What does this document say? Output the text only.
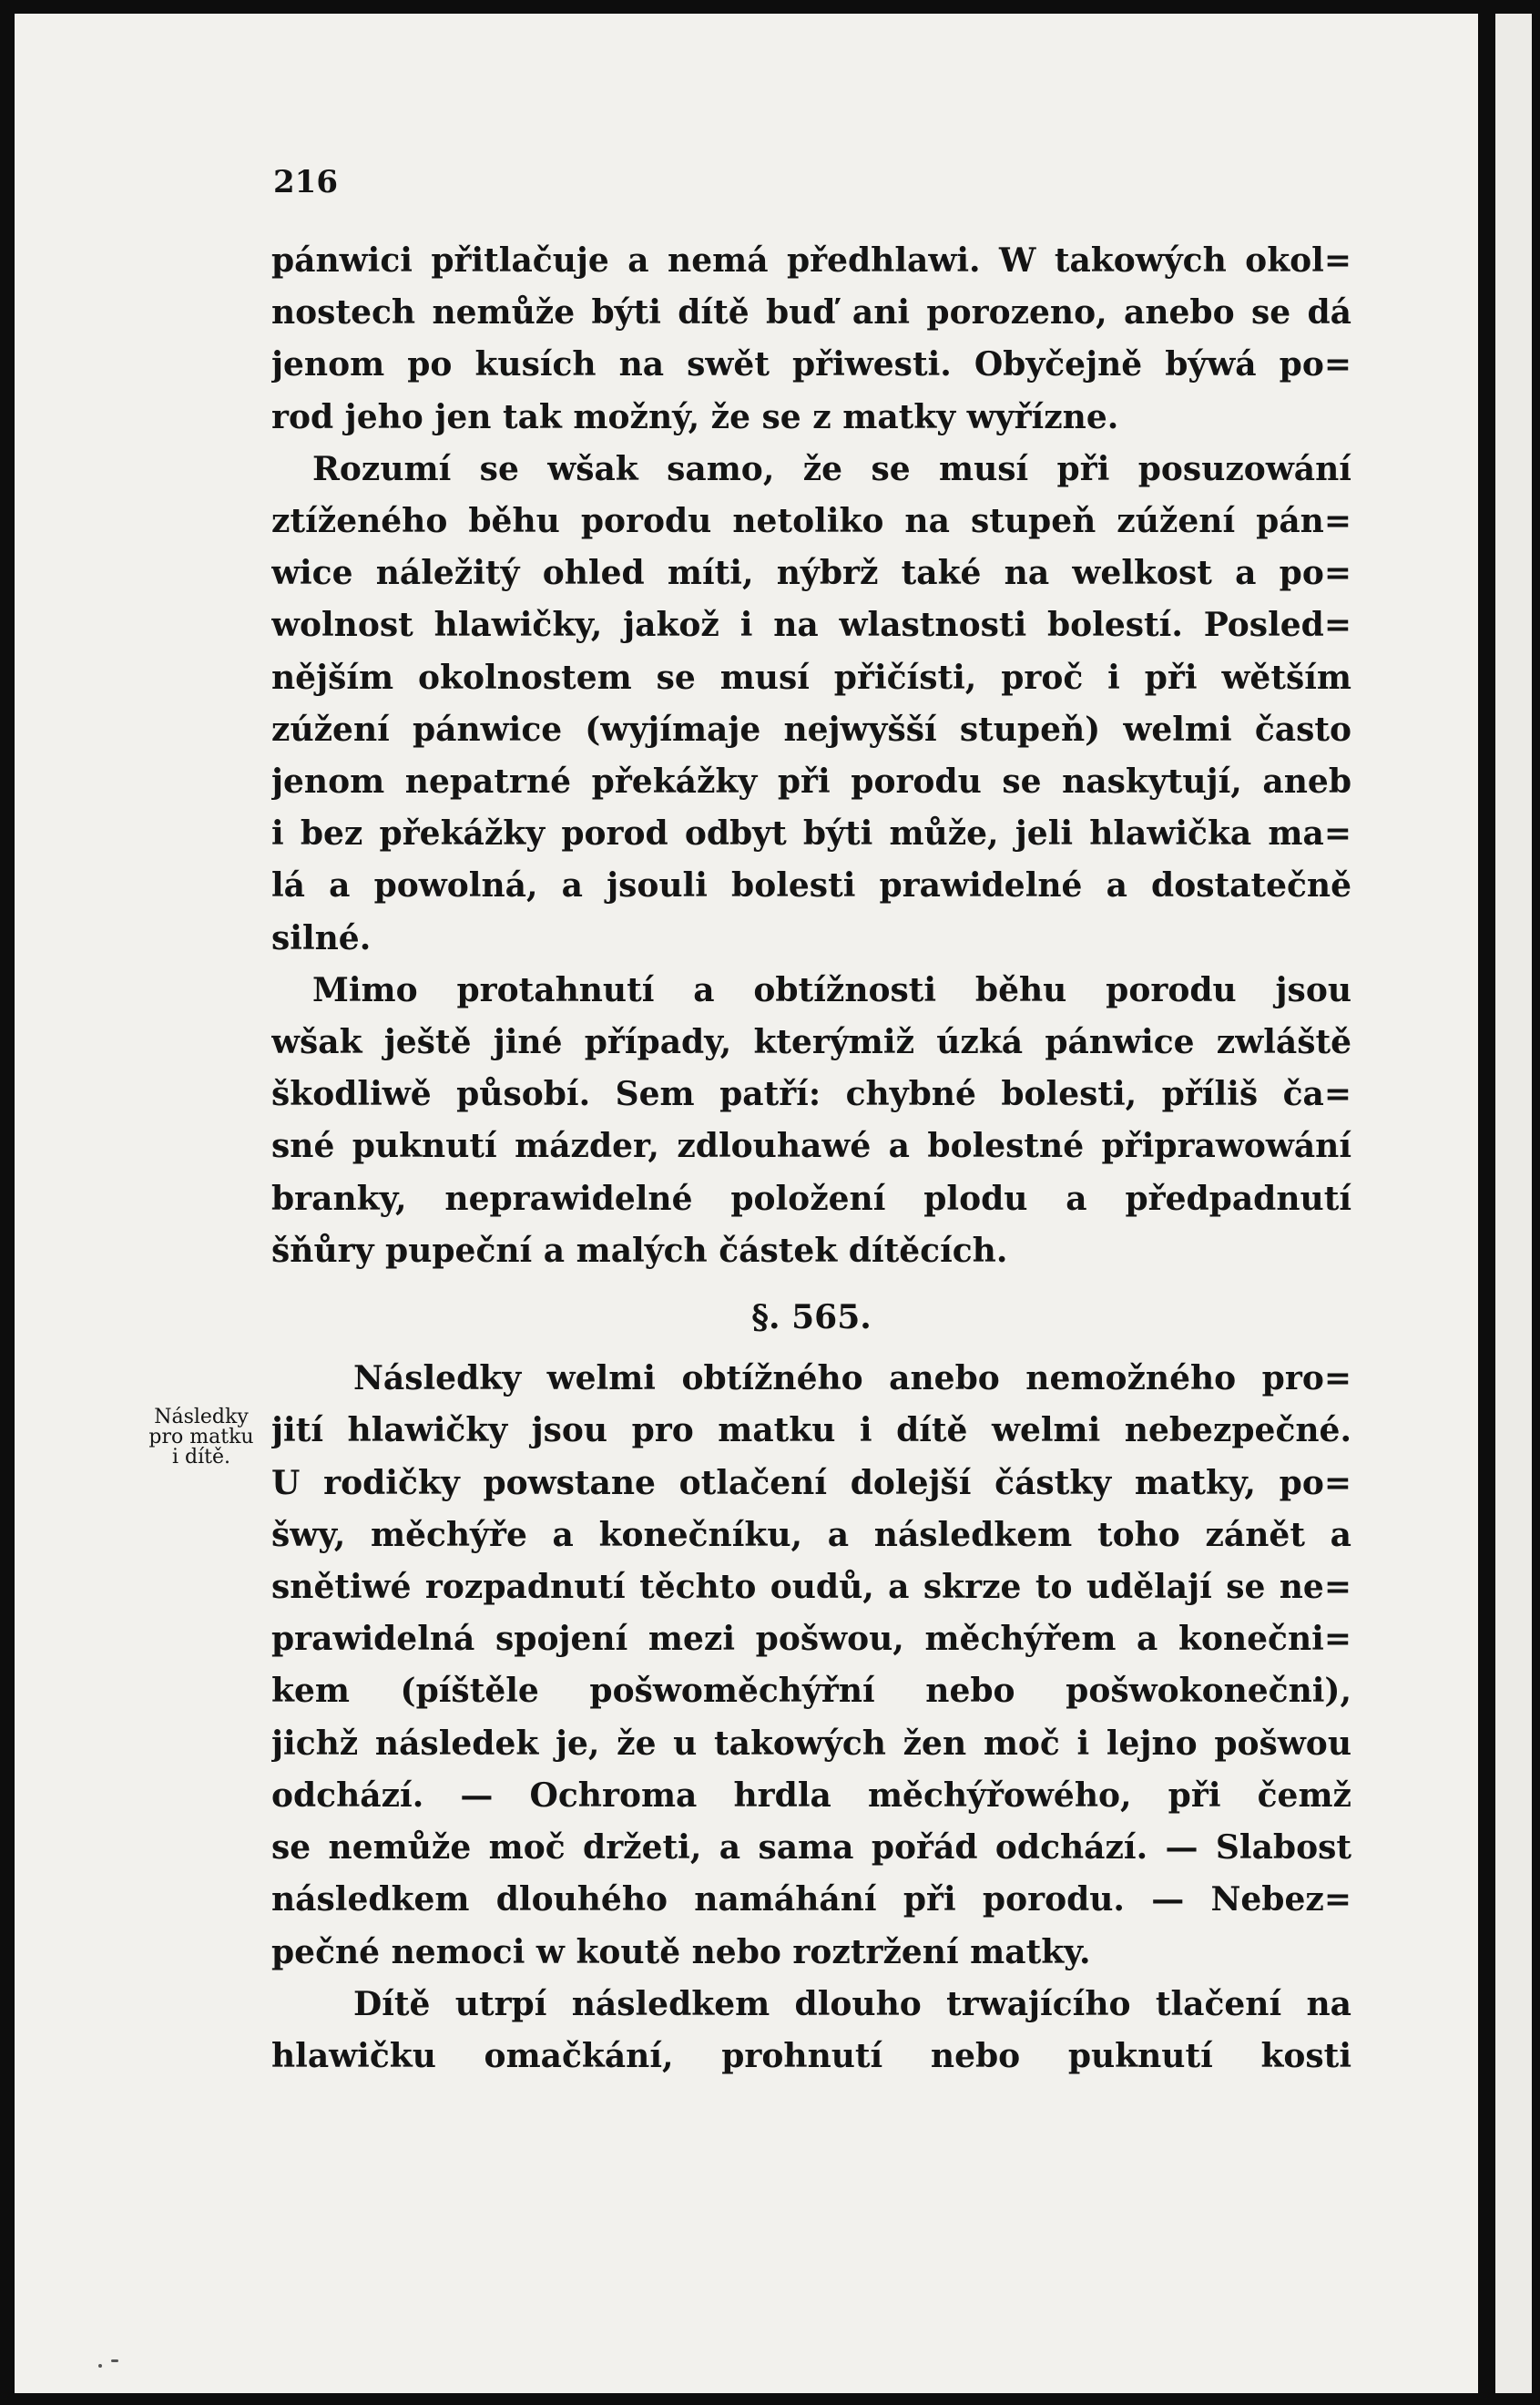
216
pánwici přitlačuje a nemá předhlawi. W takowých okol=
nostech nemůže býti dítě buď ani porozeno, anebo se dá
jenom po kusích na swět přiwesti. Obyčejně býwá po=
rod jeho jen tak možný, že se z matky wyřízne.
Rozumí se wšak samo, že se musí při posuzowání
ztíženého běhu porodu netoliko na stupeň zúžení pán=
wice náležitý ohled míti, nýbrž také na welkost a po=
wolnost hlawičky, jakož i na wlastnosti bolestí. Posled=
nějším okolnostem se musí přičísti, proč i při wětším
zúžení pánwice (wyjímaje nejwyšší stupeň) welmi často
jenom nepatrné překážky při porodu se naskytují, aneb
i bez překážky porod odbyt býti může, jeli hlawička ma=
lá a powolná, a jsouli bolesti prawidelné a dostatečně
silné.
Mimo protahnutí a obtížnosti běhu porodu jsou
wšak ještě jiné případy, kterýmiž úzká pánwice zwláště
škodliwě působí. Sem patří: chybné bolesti, příliš ča=
sné puknutí mázder, zdlouhawé a bolestné připrawowání
branky, neprawidelné položení plodu a předpadnutí
šňůry pupeční a malých částek dítěcích.
§. 565.
Následky welmi obtížného anebo nemožného pro=
jití hlawičky jsou pro matku i dítě welmi nebezpečné.
U rodičky powstane otlačení dolejší částky matky, po=
šwy, měchýře a konečníku, a následkem toho zánět a
snětiwé rozpadnutí těchto oudů, a skrze to udělají se ne=
prawidelná spojení mezi pošwou, měchýřem a konečni=
kem (píštěle pošwoměchýřní nebo pošwokonečni),
jichž následek je, že u takowých žen moč i lejno pošwou
odchází. — Ochroma hrdla měchýřowého, při čemž
se nemůže moč držeti, a sama pořád odchází. — Slabost
následkem dlouhého namáhání při porodu. — Nebez=
pečné nemoci w koutě nebo roztržení matky.
Dítě utrpí následkem dlouho trwajícího tlačení na
hlawičku omačkání, prohnutí nebo puknutí kosti
Následky
pro matku
i dítě.
